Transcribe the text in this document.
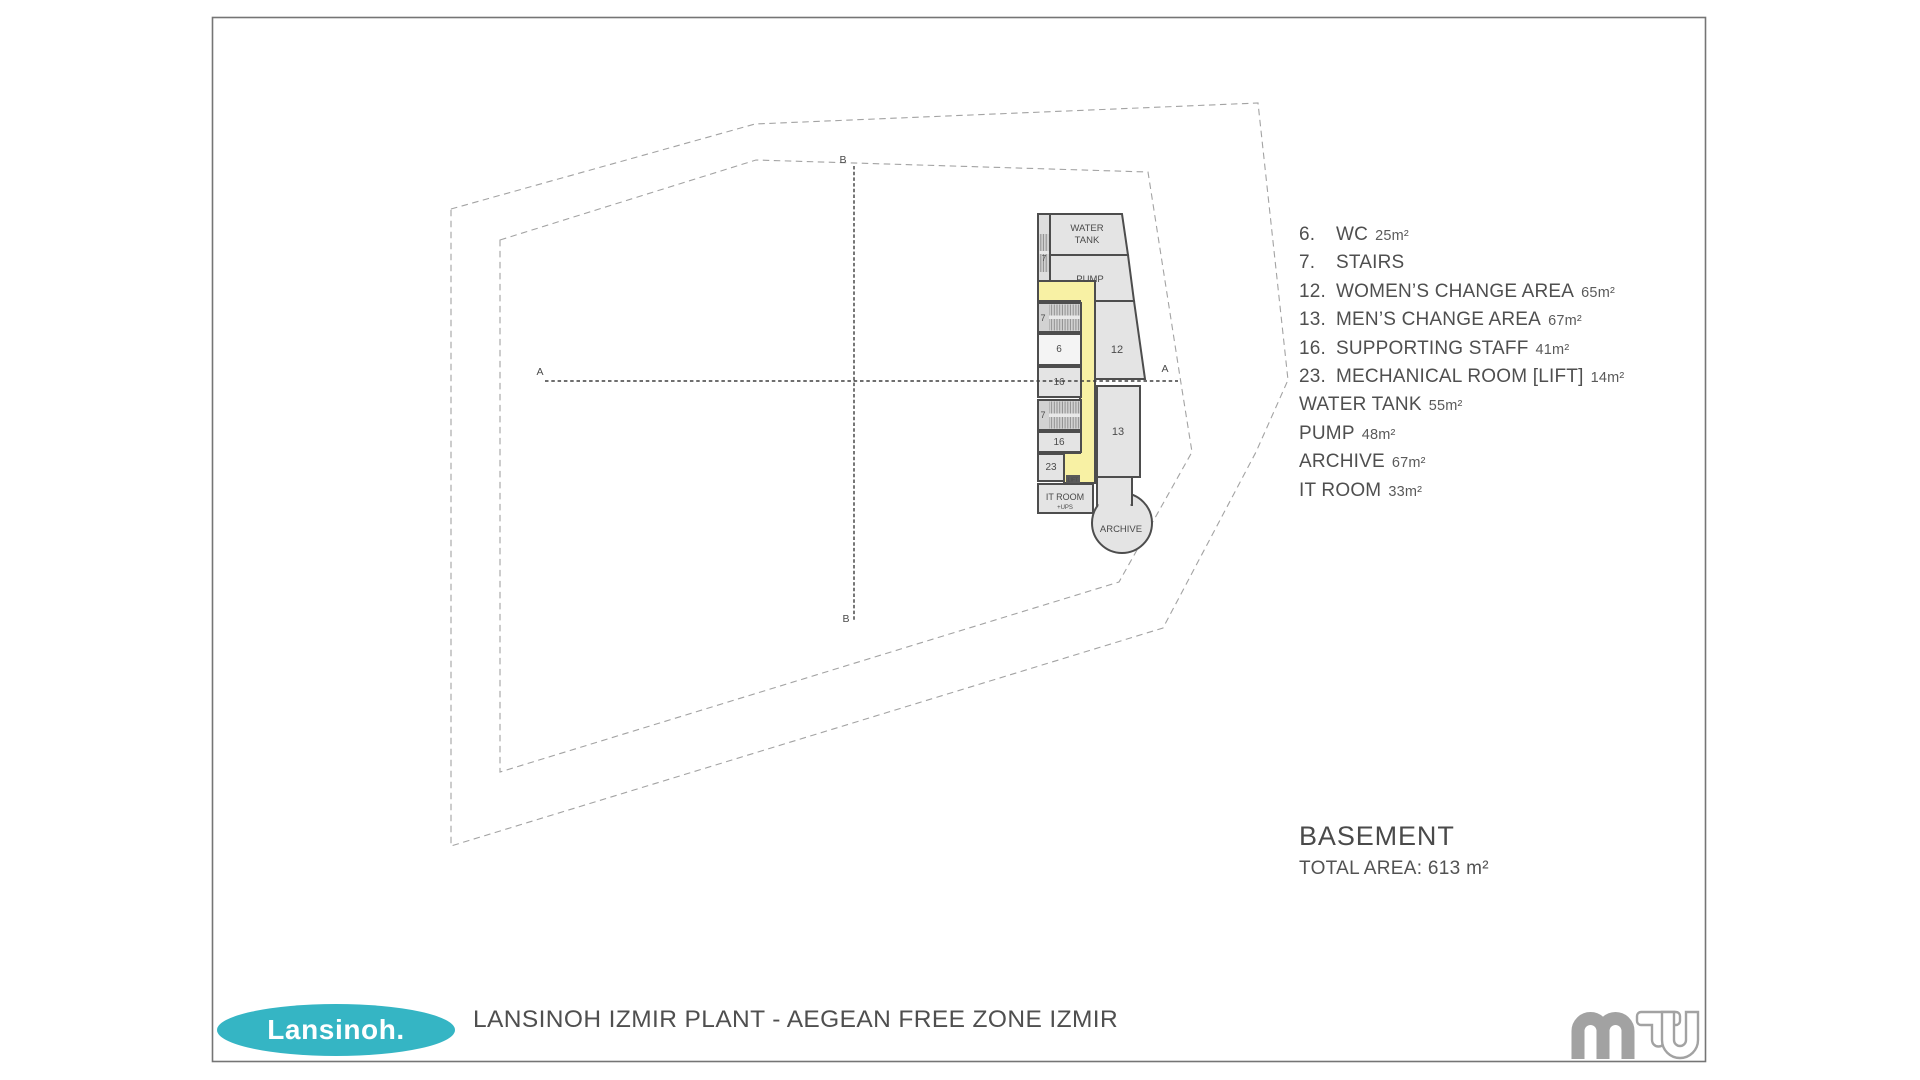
WATER
TANK
PUMP
12
13
ARCHIVE
IT ROOM
+UPS
6
16
16
23
7
7
7
LIFT
A	A
B
B
6.	WC 25m²
7.	STAIRS
12. WOMEN’S CHANGE AREA 65m²
13. MEN’S CHANGE AREA 67m²
16. SUPPORTING STAFF 41m²
23. MECHANICAL ROOM [LIFT] 14m²
WATER TANK 55m²
PUMP 48m²
ARCHIVE 67m²
IT ROOM 33m²
BASEMENT
TOTAL AREA: 613 m²
Lansinoh.	LANSINOH IZMIR PLANT - AEGEAN FREE ZONE IZMIR
